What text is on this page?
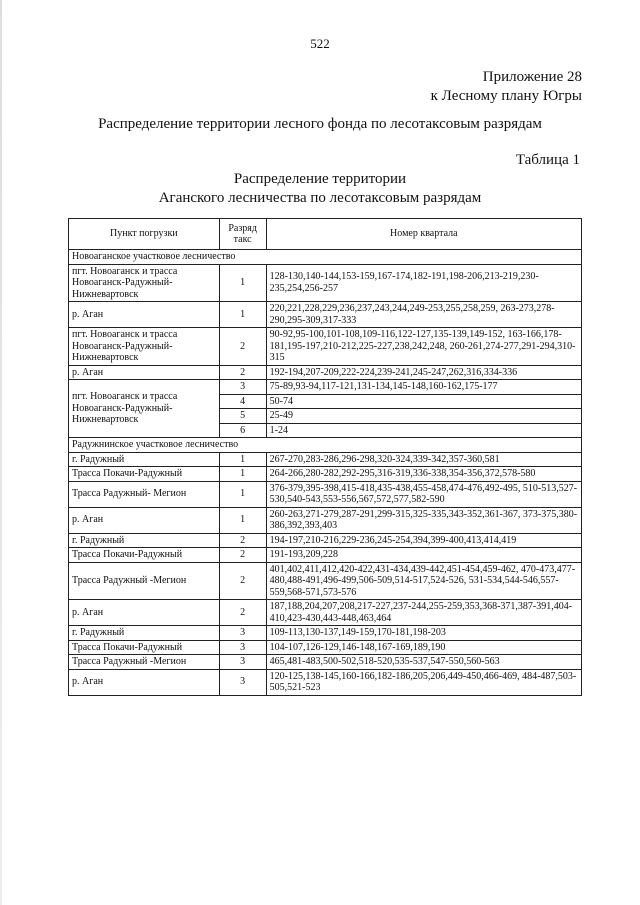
522
Приложение 28
к Лесному плану Югры
Распределение территории лесного фонда по лесотаксовым разрядам
Таблица 1
Распределение территории
Аганского лесничества по лесотаксовым разрядам
Пункт погрузки	Разряд такс	Номер квартала
Новоаганское участковое лесничество		
пгт. Новоаганск и трасса Новоаганск-Радужный-Нижневартовск	1	128-130,140-144,153-159,167-174,182-191,198-206,213-219,230-235,254,256-257
р. Аган	1	220,221,228,229,236,237,243,244,249-253,255,258,259, 263-273,278-290,295-309,317-333
пгт. Новоаганск и трасса Новоаганск-Радужный-Нижневартовск	2	90-92,95-100,101-108,109-116,122-127,135-139,149-152, 163-166,178-181,195-197,210-212,225-227,238,242,248, 260-261,274-277,291-294,310-315
р. Аган	2	192-194,207-209,222-224,239-241,245-247,262,316,334-336
пгт. Новоаганск и трасса Новоаганск-Радужный-Нижневартовск	3	75-89,93-94,117-121,131-134,145-148,160-162,175-177
	4	50-74
	5	25-49
	6	1-24
Радужнинское участковое лесничество		
г. Радужный	1	267-270,283-286,296-298,320-324,339-342,357-360,581
Трасса Покачи-Радужный	1	264-266,280-282,292-295,316-319,336-338,354-356,372,578-580
Трасса Радужный- Мегион	1	376-379,395-398,415-418,435-438,455-458,474-476,492-495, 510-513,527-530,540-543,553-556,567,572,577,582-590
р. Аган	1	260-263,271-279,287-291,299-315,325-335,343-352,361-367, 373-375,380-386,392,393,403
г. Радужный	2	194-197,210-216,229-236,245-254,394,399-400,413,414,419
Трасса Покачи-Радужный	2	191-193,209,228
Трасса Радужный -Мегион	2	401,402,411,412,420-422,431-434,439-442,451-454,459-462, 470-473,477-480,488-491,496-499,506-509,514-517,524-526, 531-534,544-546,557-559,568-571,573-576
р. Аган	2	187,188,204,207,208,217-227,237-244,255-259,353,368-371,387-391,404-410,423-430,443-448,463,464
г. Радужный	3	109-113,130-137,149-159,170-181,198-203
Трасса Покачи-Радужный	3	104-107,126-129,146-148,167-169,189,190
Трасса Радужный -Мегион	3	465,481-483,500-502,518-520,535-537,547-550,560-563
р. Аган	3	120-125,138-145,160-166,182-186,205,206,449-450,466-469, 484-487,503-505,521-523
